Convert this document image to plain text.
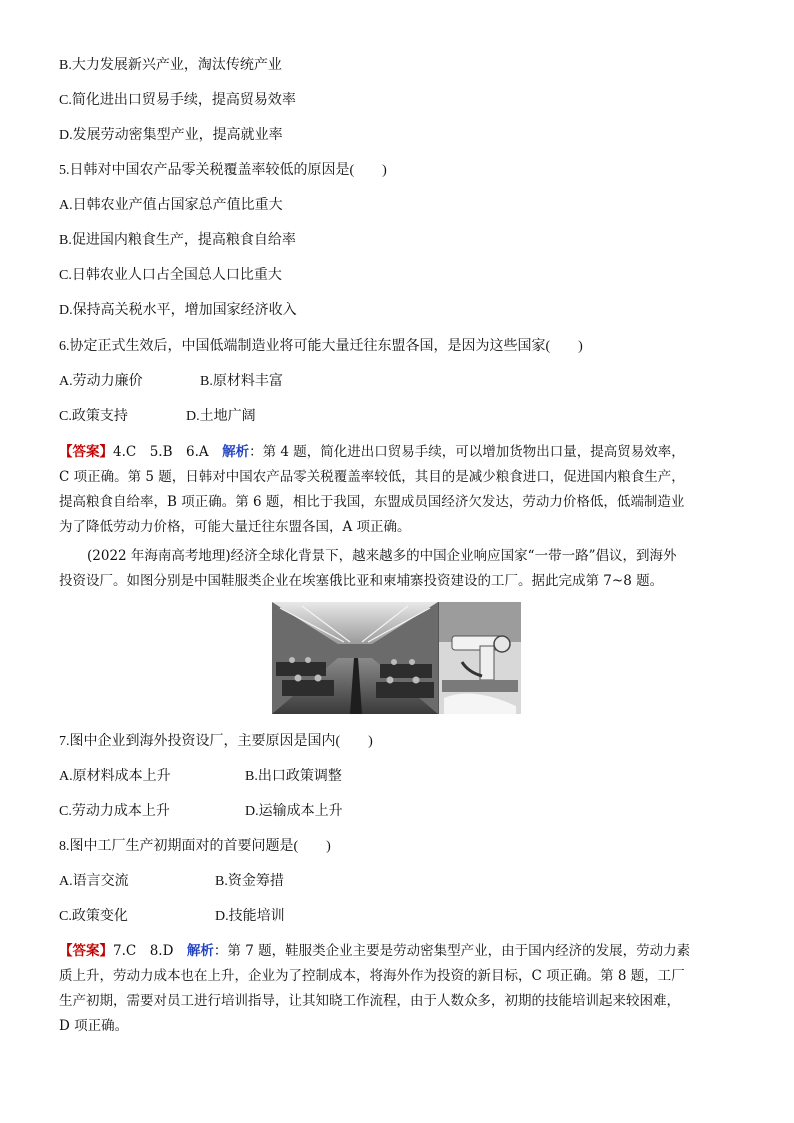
B.大力发展新兴产业，淘汰传统产业
C.简化进出口贸易手续，提高贸易效率
D.发展劳动密集型产业，提高就业率
5.日韩对中国农产品零关税覆盖率较低的原因是(　　)
A.日韩农业产值占国家总产值比重大
B.促进国内粮食生产，提高粮食自给率
C.日韩农业人口占全国总人口比重大
D.保持高关税水平，增加国家经济收入
6.协定正式生效后，中国低端制造业将可能大量迁往东盟各国，是因为这些国家(　　)
A.劳动力廉价	B.原材料丰富
C.政策支持	D.土地广阔
【答案】4.C　5.B　6.A　解析：第 4 题，简化进出口贸易手续，可以增加货物出口量，提高贸易效率，
C 项正确。第 5 题，日韩对中国农产品零关税覆盖率较低，其目的是减少粮食进口，促进国内粮食生产，
提高粮食自给率，B 项正确。第 6 题，相比于我国，东盟成员国经济欠发达，劳动力价格低，低端制造业
为了降低劳动力价格，可能大量迁往东盟各国，A 项正确。
(2022 年海南高考地理)经济全球化背景下，越来越多的中国企业响应国家“一带一路”倡议，到海外
投资设厂。如图分别是中国鞋服类企业在埃塞俄比亚和柬埔寨投资建设的工厂。据此完成第 7~8 题。
7.图中企业到海外投资设厂，主要原因是国内(　　)
A.原材料成本上升	B.出口政策调整
C.劳动力成本上升	D.运输成本上升
8.图中工厂生产初期面对的首要问题是(　　)
A.语言交流	B.资金筹措
C.政策变化	D.技能培训
【答案】7.C　8.D　解析：第 7 题，鞋服类企业主要是劳动密集型产业，由于国内经济的发展，劳动力素
质上升，劳动力成本也在上升，企业为了控制成本，将海外作为投资的新目标，C 项正确。第 8 题，工厂
生产初期，需要对员工进行培训指导，让其知晓工作流程，由于人数众多，初期的技能培训起来较困难，
D 项正确。
